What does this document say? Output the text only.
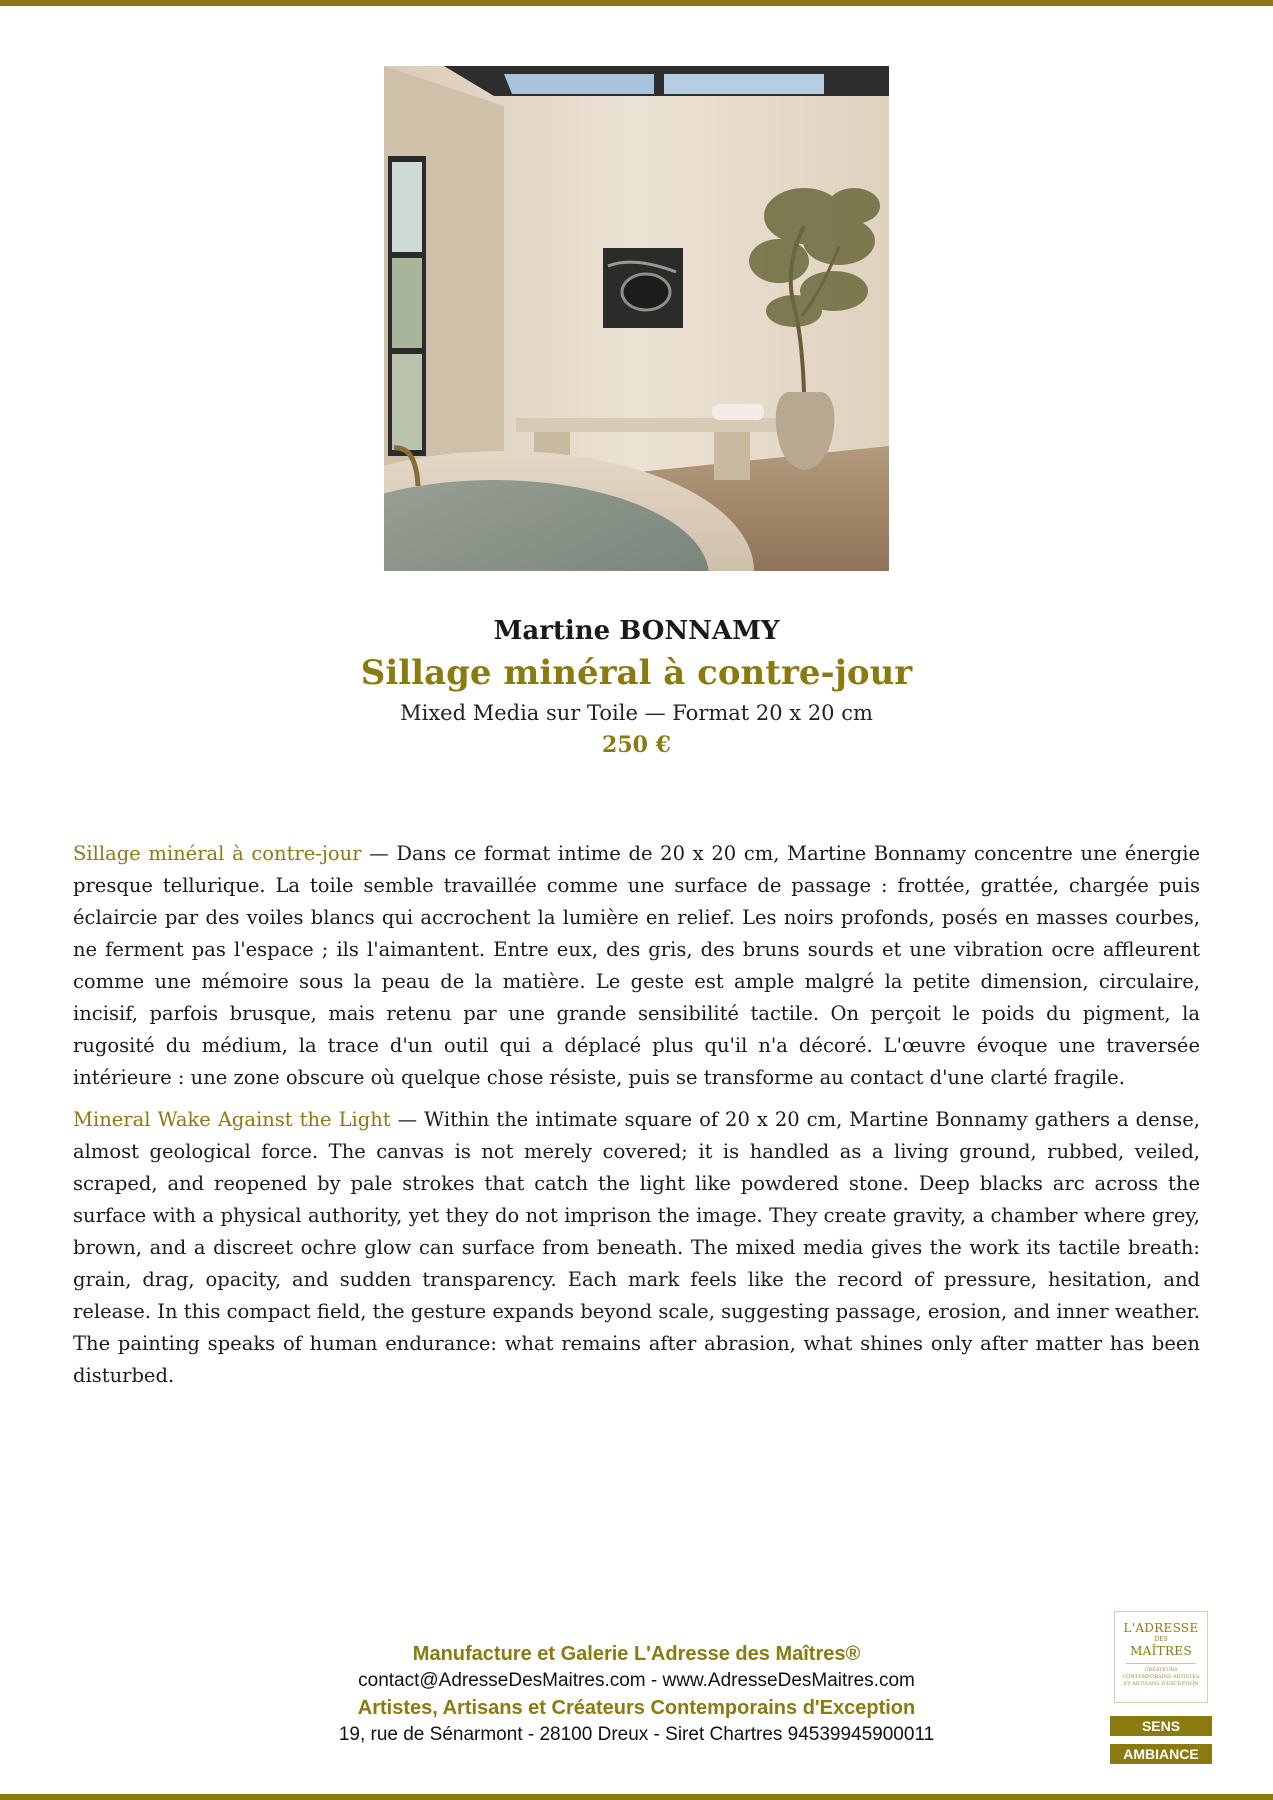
Martine BONNAMY

Sillage minéral à contre-jour

Mixed Media sur Toile — Format 20 x 20 cm

250 €

Sillage minéral à contre-jour — Dans ce format intime de 20 x 20 cm, Martine Bonnamy concentre une énergie presque tellurique. La toile semble travaillée comme une surface de passage : frottée, grattée, chargée puis éclaircie par des voiles blancs qui accrochent la lumière en relief. Les noirs profonds, posés en masses courbes, ne ferment pas l'espace ; ils l'aimantent. Entre eux, des gris, des bruns sourds et une vibration ocre affleurent comme une mémoire sous la peau de la matière. Le geste est ample malgré la petite dimension, circulaire, incisif, parfois brusque, mais retenu par une grande sensibilité tactile. On perçoit le poids du pigment, la rugosité du médium, la trace d'un outil qui a déplacé plus qu'il n'a décoré. L'œuvre évoque une traversée intérieure : une zone obscure où quelque chose résiste, puis se transforme au contact d'une clarté fragile.

Mineral Wake Against the Light — Within the intimate square of 20 x 20 cm, Martine Bonnamy gathers a dense, almost geological force. The canvas is not merely covered; it is handled as a living ground, rubbed, veiled, scraped, and reopened by pale strokes that catch the light like powdered stone. Deep blacks arc across the surface with a physical authority, yet they do not imprison the image. They create gravity, a chamber where grey, brown, and a discreet ochre glow can surface from beneath. The mixed media gives the work its tactile breath: grain, drag, opacity, and sudden transparency. Each mark feels like the record of pressure, hesitation, and release. In this compact field, the gesture expands beyond scale, suggesting passage, erosion, and inner weather. The painting speaks of human endurance: what remains after abrasion, what shines only after matter has been disturbed.

Manufacture et Galerie L'Adresse des Maîtres®
contact@AdresseDesMaitres.com - www.AdresseDesMaitres.com
Artistes, Artisans et Créateurs Contemporains d'Exception
19, rue de Sénarmont - 28100 Dreux - Siret Chartres 94539945900011
L'ADRESSE
DES
MAÎTRES
CRÉATEURS CONTEMPORAINS ARTISTES ET ARTISANS D'EXCEPTION
SENS
AMBIANCE
